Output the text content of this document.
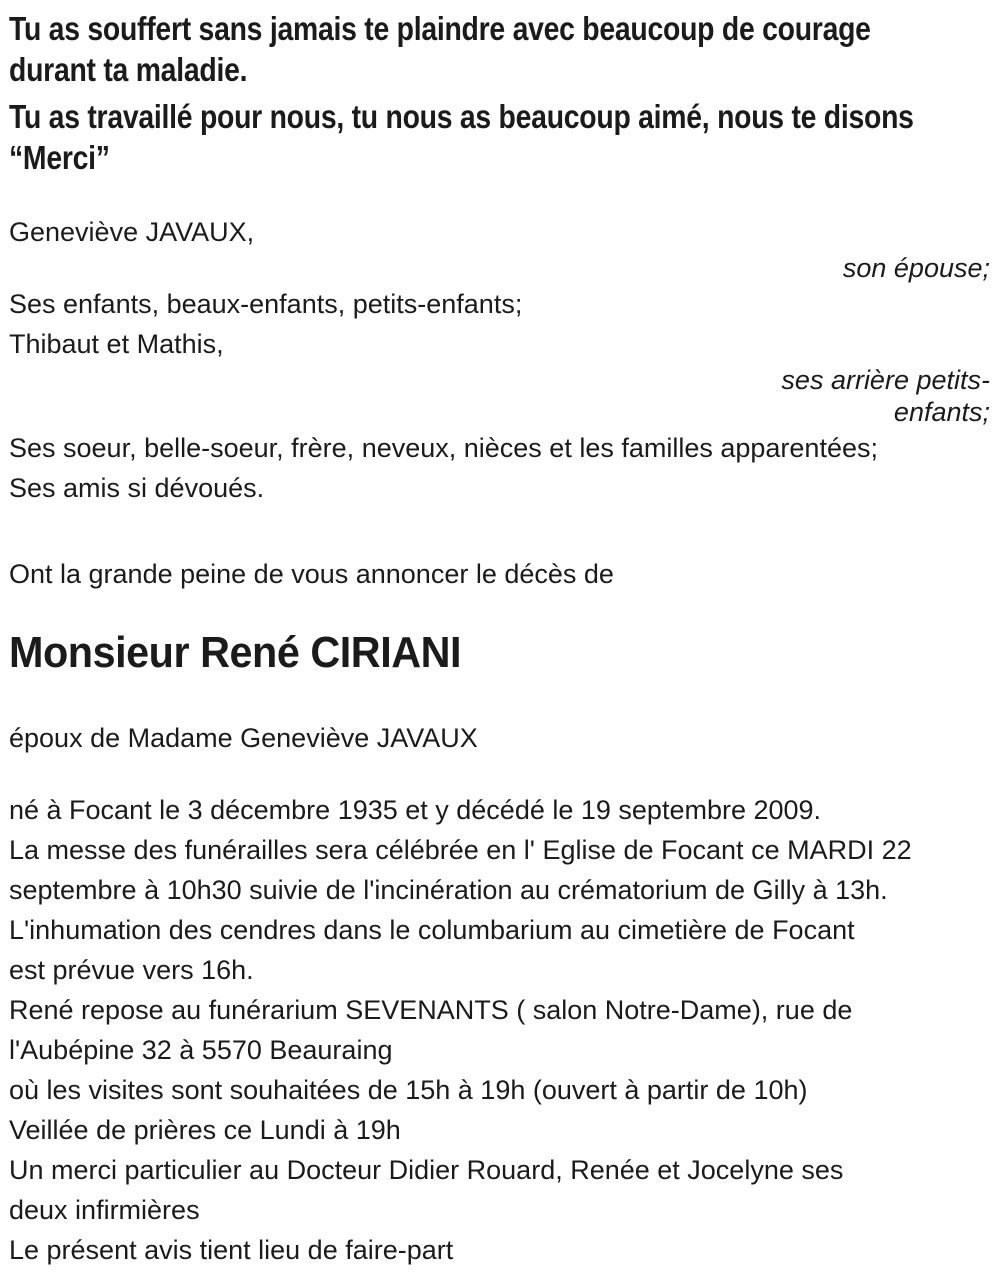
Tu as souffert sans jamais te plaindre avec beaucoup de courage
durant ta maladie.
Tu as travaillé pour nous, tu nous as beaucoup aimé, nous te disons
“Merci”
Geneviève JAVAUX,
son épouse;
Ses enfants, beaux-enfants, petits-enfants;
Thibaut et Mathis,
ses arrière petits-
enfants;
Ses soeur, belle-soeur, frère, neveux, nièces et les familles apparentées;
Ses amis si dévoués.
Ont la grande peine de vous annoncer le décès de
Monsieur René CIRIANI
époux de Madame Geneviève JAVAUX
né à Focant le 3 décembre 1935 et y décédé le 19 septembre 2009.
La messe des funérailles sera célébrée en l' Eglise de Focant ce MARDI 22
septembre à 10h30 suivie de l'incinération au crématorium de Gilly à 13h.
L'inhumation des cendres dans le columbarium au cimetière de Focant
est prévue vers 16h.
René repose au funérarium SEVENANTS ( salon Notre-Dame), rue de
l'Aubépine 32 à 5570 Beauraing
où les visites sont souhaitées de 15h à 19h (ouvert à partir de 10h)
Veillée de prières ce Lundi à 19h
Un merci particulier au Docteur Didier Rouard, Renée et Jocelyne ses
deux infirmières
Le présent avis tient lieu de faire-part
